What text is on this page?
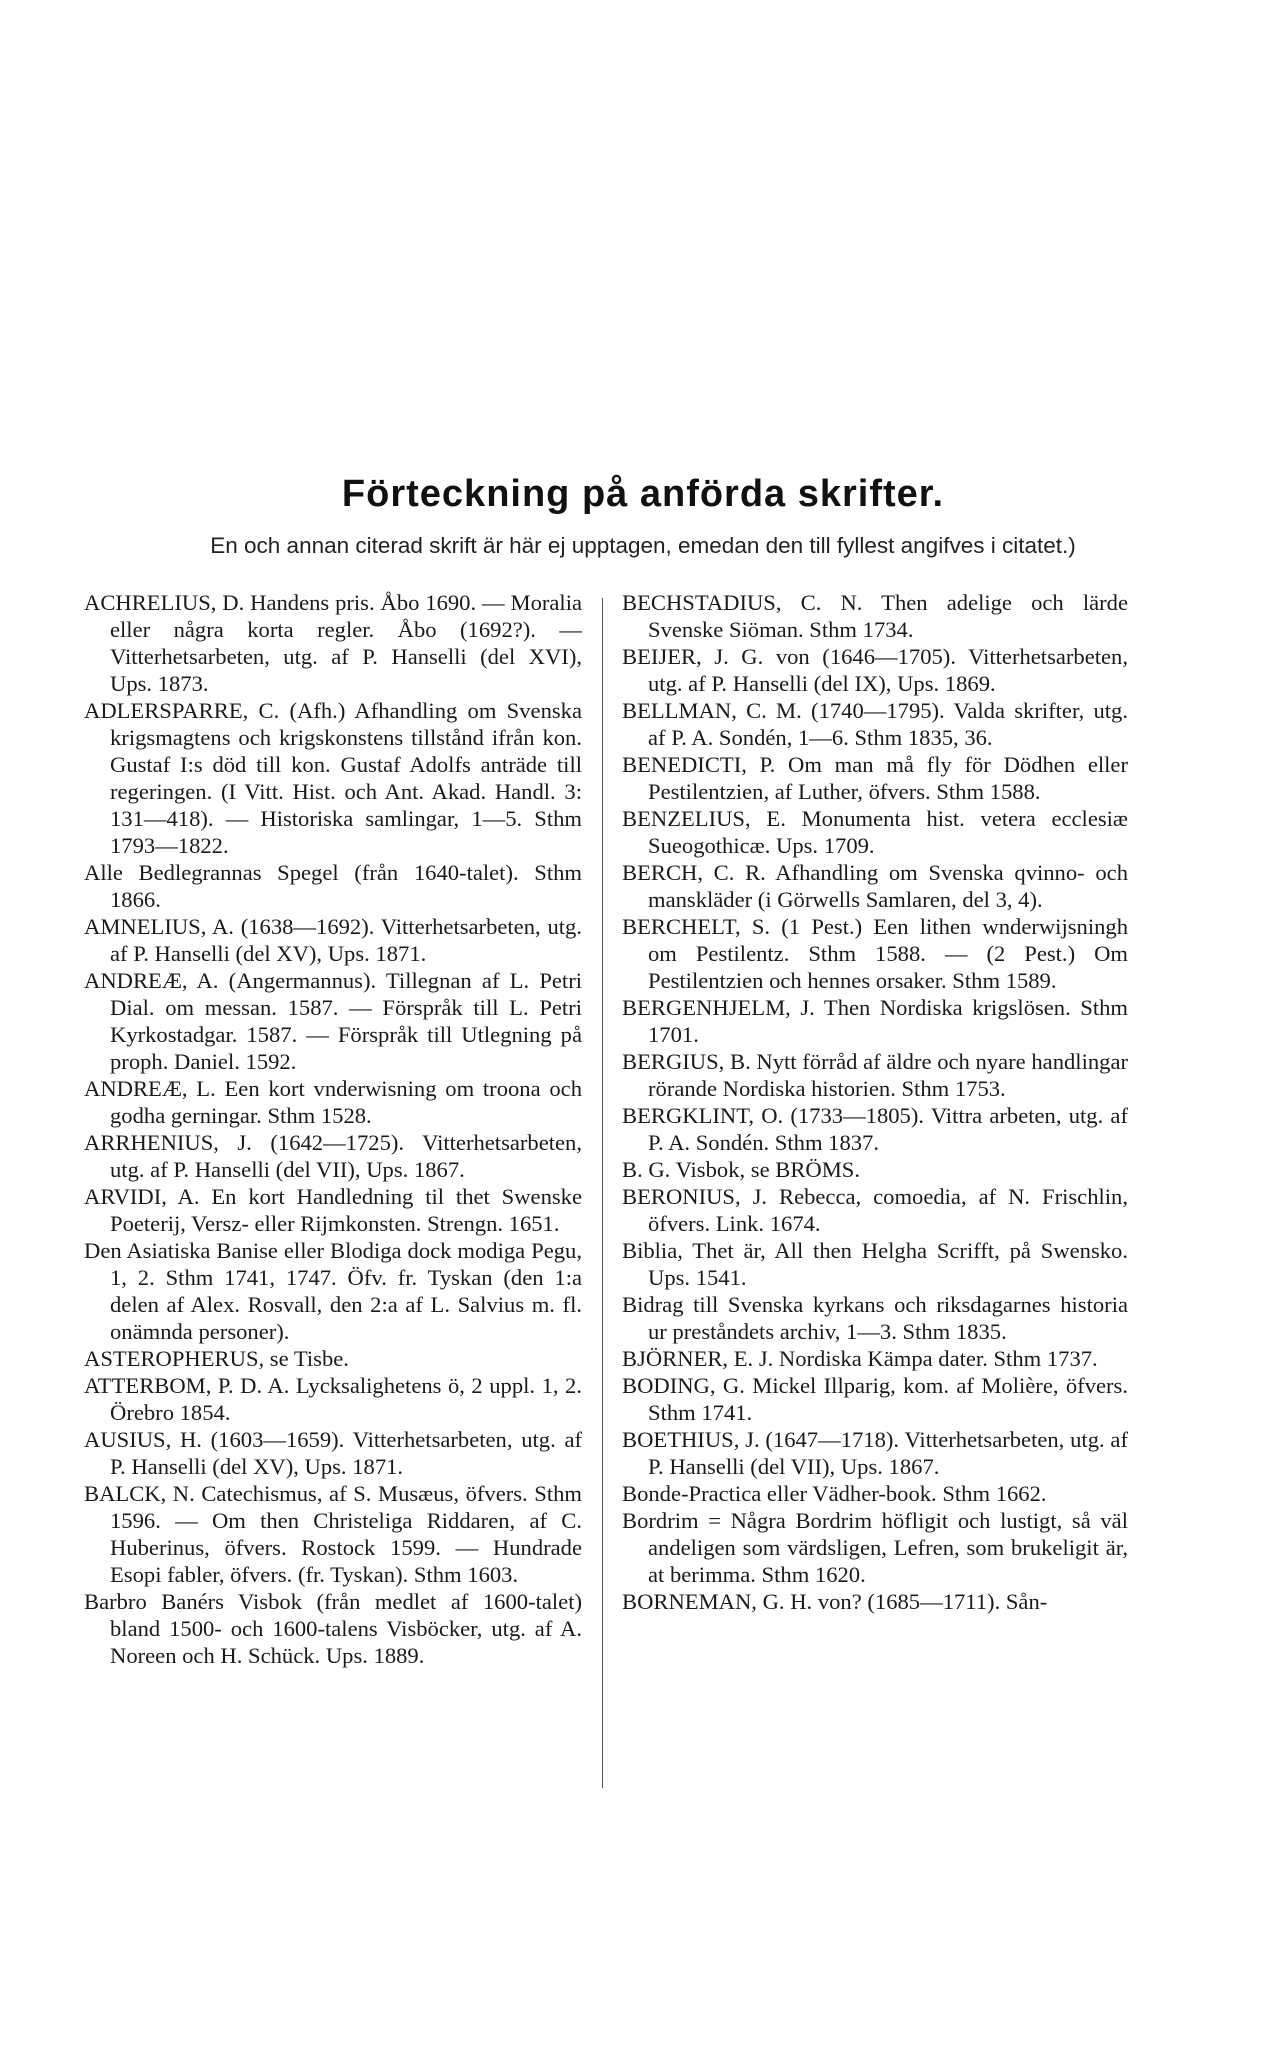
Förteckning på anförda skrifter.
En och annan citerad skrift är här ej upptagen, emedan den till fyllest angifves i citatet.)
ACHRELIUS, D. Handens pris. Åbo 1690. — Moralia eller några korta regler. Åbo (1692?). — Vitterhetsarbeten, utg. af P. Hanselli (del XVI), Ups. 1873.
ADLERSPARRE, C. (Afh.) Afhandling om Svenska krigsmagtens och krigskonstens tillstånd ifrån kon. Gustaf I:s död till kon. Gustaf Adolfs anträde till regeringen. (I Vitt. Hist. och Ant. Akad. Handl. 3: 131—418). — Historiska samlingar, 1—5. Sthm 1793—1822.
Alle Bedlegrannas Spegel (från 1640-talet). Sthm 1866.
AMNELIUS, A. (1638—1692). Vitterhetsarbeten, utg. af P. Hanselli (del XV), Ups. 1871.
ANDREÆ, A. (Angermannus). Tillegnan af L. Petri Dial. om messan. 1587. — Förspråk till L. Petri Kyrkostadgar. 1587. — Förspråk till Utlegning på proph. Daniel. 1592.
ANDREÆ, L. Een kort vnderwisning om troona och godha gerningar. Sthm 1528.
ARRHENIUS, J. (1642—1725). Vitterhetsarbeten, utg. af P. Hanselli (del VII), Ups. 1867.
ARVIDI, A. En kort Handledning til thet Swenske Poeterij, Versz- eller Rijmkonsten. Strengn. 1651.
Den Asiatiska Banise eller Blodiga dock modiga Pegu, 1, 2. Sthm 1741, 1747. Öfv. fr. Tyskan (den 1:a delen af Alex. Rosvall, den 2:a af L. Salvius m. fl. onämnda personer).
ASTEROPHERUS, se Tisbe.
ATTERBOM, P. D. A. Lycksalighetens ö, 2 uppl. 1, 2. Örebro 1854.
AUSIUS, H. (1603—1659). Vitterhetsarbeten, utg. af P. Hanselli (del XV), Ups. 1871.
BALCK, N. Catechismus, af S. Musæus, öfvers. Sthm 1596. — Om then Christeliga Riddaren, af C. Huberinus, öfvers. Rostock 1599. — Hundrade Esopi fabler, öfvers. (fr. Tyskan). Sthm 1603.
Barbro Banérs Visbok (från medlet af 1600-talet) bland 1500- och 1600-talens Visböcker, utg. af A. Noreen och H. Schück. Ups. 1889.
BECHSTADIUS, C. N. Then adelige och lärde Svenske Siöman. Sthm 1734.
BEIJER, J. G. von (1646—1705). Vitterhetsarbeten, utg. af P. Hanselli (del IX), Ups. 1869.
BELLMAN, C. M. (1740—1795). Valda skrifter, utg. af P. A. Sondén, 1—6. Sthm 1835, 36.
BENEDICTI, P. Om man må fly för Dödhen eller Pestilentzien, af Luther, öfvers. Sthm 1588.
BENZELIUS, E. Monumenta hist. vetera ecclesiæ Sueogothicæ. Ups. 1709.
BERCH, C. R. Afhandling om Svenska qvinno- och manskläder (i Görwells Samlaren, del 3, 4).
BERCHELT, S. (1 Pest.) Een lithen wnderwijsningh om Pestilentz. Sthm 1588. — (2 Pest.) Om Pestilentzien och hennes orsaker. Sthm 1589.
BERGENHJELM, J. Then Nordiska krigslösen. Sthm 1701.
BERGIUS, B. Nytt förråd af äldre och nyare handlingar rörande Nordiska historien. Sthm 1753.
BERGKLINT, O. (1733—1805). Vittra arbeten, utg. af P. A. Sondén. Sthm 1837.
B. G. Visbok, se BRÖMS.
BERONIUS, J. Rebecca, comoedia, af N. Frischlin, öfvers. Link. 1674.
Biblia, Thet är, All then Helgha Scrifft, på Swensko. Ups. 1541.
Bidrag till Svenska kyrkans och riksdagarnes historia ur preståndets archiv, 1—3. Sthm 1835.
BJÖRNER, E. J. Nordiska Kämpa dater. Sthm 1737.
BODING, G. Mickel Illparig, kom. af Molière, öfvers. Sthm 1741.
BOETHIUS, J. (1647—1718). Vitterhetsarbeten, utg. af P. Hanselli (del VII), Ups. 1867.
Bonde-Practica eller Vädher-book. Sthm 1662.
Bordrim = Några Bordrim höfligit och lustigt, så väl andeligen som värdsligen, Lefren, som brukeligit är, at berimma. Sthm 1620.
BORNEMAN, G. H. von? (1685—1711). Sån-
